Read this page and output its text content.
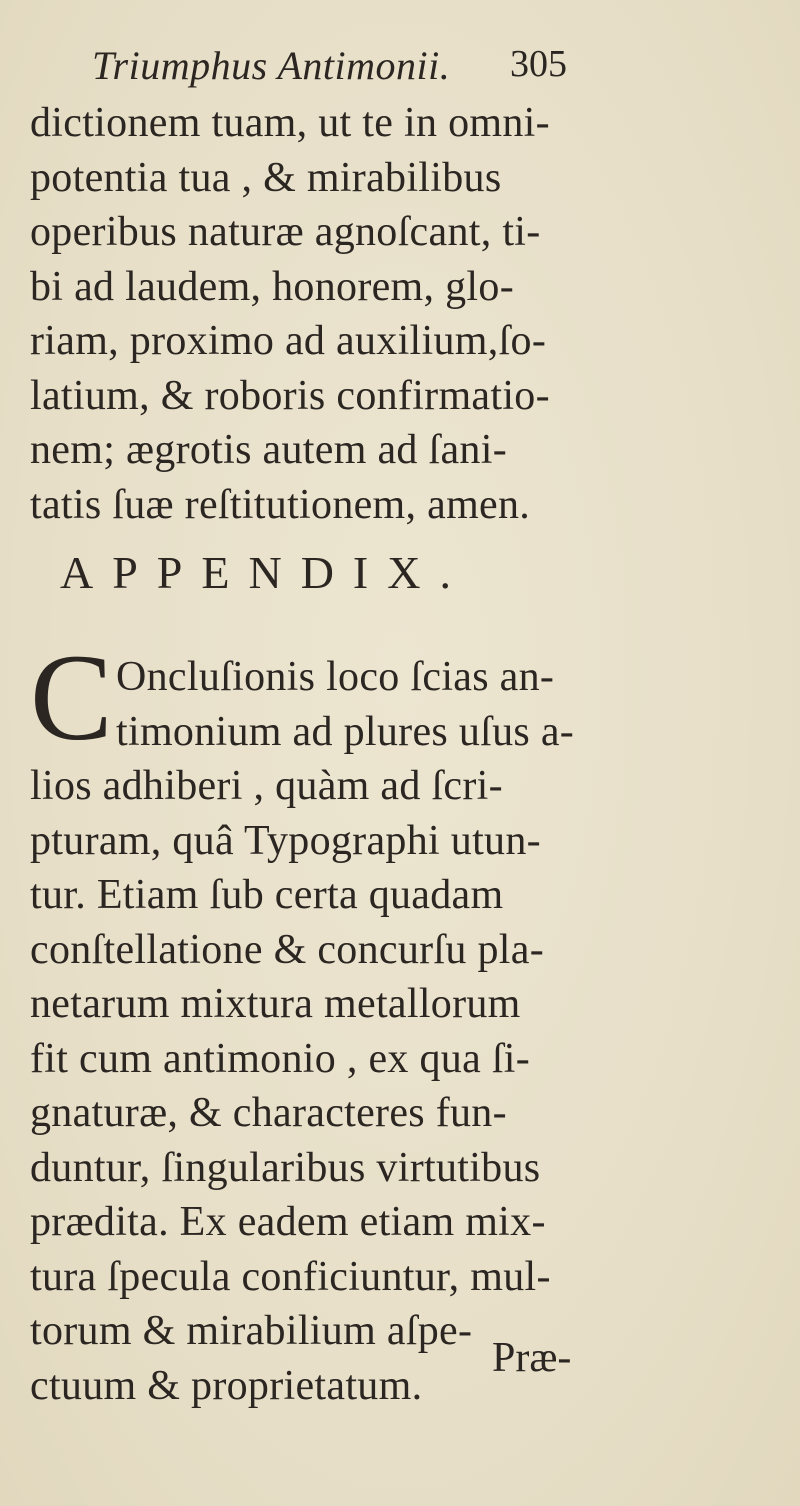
Triumphus Antimonii. 305
dictionem tuam, ut te in omni-
potentia tua , & mirabilibus
operibus naturæ agnoſcant, ti-
bi ad laudem, honorem, glo-
riam, proximo ad auxilium,ſo-
latium, & roboris confirmatio-
nem; ægrotis autem ad ſani-
tatis ſuæ reſtitutionem, amen.
APPENDIX.
C Oncluſionis loco ſcias an-
timonium ad plures uſus a-
lios adhiberi , quàm ad ſcri-
pturam, quâ Typographi utun-
tur. Etiam ſub certa quadam
conſtellatione & concurſu pla-
netarum mixtura metallorum
fit cum antimonio , ex qua ſi-
gnaturæ, & characteres fun-
duntur, ſingularibus virtutibus
prædita. Ex eadem etiam mix-
tura ſpecula conficiuntur, mul-
torum & mirabilium aſpe-
ctuum & proprietatum.
Præ-
